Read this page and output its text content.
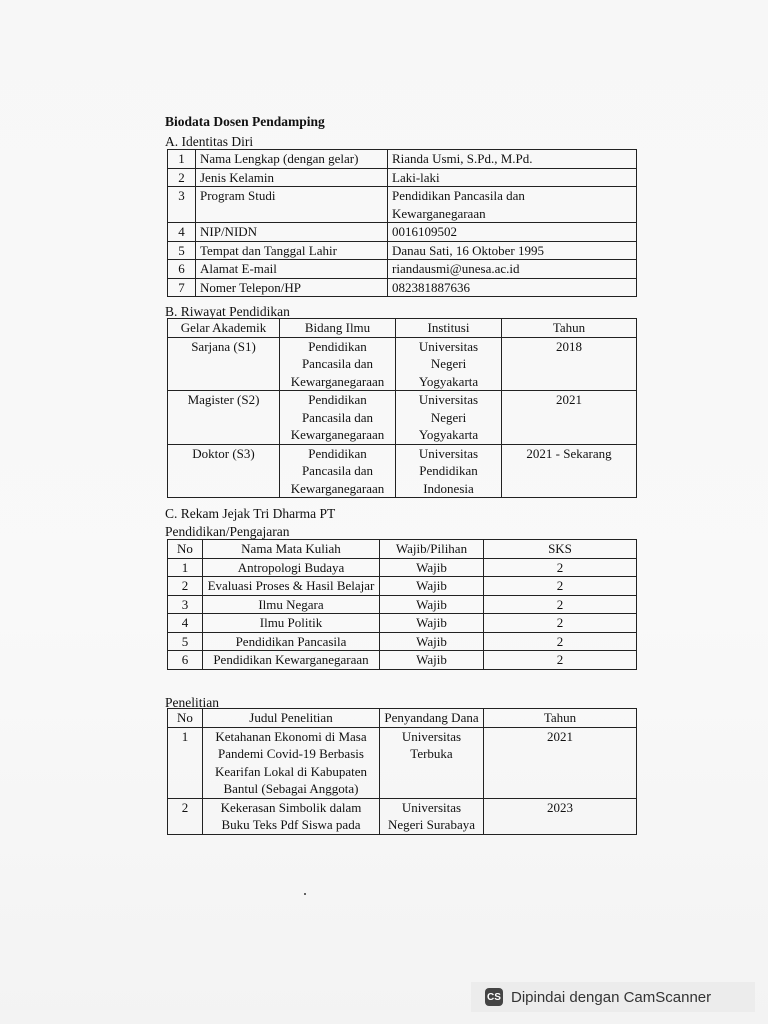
Biodata Dosen Pendamping
A. Identitas Diri
1	Nama Lengkap (dengan gelar)	Rianda Usmi, S.Pd., M.Pd.
2	Jenis Kelamin	Laki-laki
3	Program Studi	Pendidikan Pancasila dan Kewarganegaraan
4	NIP/NIDN	0016109502
5	Tempat dan Tanggal Lahir	Danau Sati, 16 Oktober 1995
6	Alamat E-mail	riandausmi@unesa.ac.id
7	Nomer Telepon/HP	082381887636
B. Riwayat Pendidikan
Gelar Akademik	Bidang Ilmu	Institusi	Tahun
Sarjana (S1)	Pendidikan Pancasila dan Kewarganegaraan	Universitas Negeri Yogyakarta	2018
Magister (S2)	Pendidikan Pancasila dan Kewarganegaraan	Universitas Negeri Yogyakarta	2021
Doktor (S3)	Pendidikan Pancasila dan Kewarganegaraan	Universitas Pendidikan Indonesia	2021 - Sekarang
C. Rekam Jejak Tri Dharma PT
Pendidikan/Pengajaran
No	Nama Mata Kuliah	Wajib/Pilihan	SKS
1	Antropologi Budaya	Wajib	2
2	Evaluasi Proses & Hasil Belajar	Wajib	2
3	Ilmu Negara	Wajib	2
4	Ilmu Politik	Wajib	2
5	Pendidikan Pancasila	Wajib	2
6	Pendidikan Kewarganegaraan	Wajib	2
Penelitian
No	Judul Penelitian	Penyandang Dana	Tahun
1	Ketahanan Ekonomi di Masa Pandemi Covid-19 Berbasis Kearifan Lokal di Kabupaten Bantul (Sebagai Anggota)	Universitas Terbuka	2021
2	Kekerasan Simbolik dalam Buku Teks Pdf Siswa pada	Universitas Negeri Surabaya	2023
CS Dipindai dengan CamScanner
